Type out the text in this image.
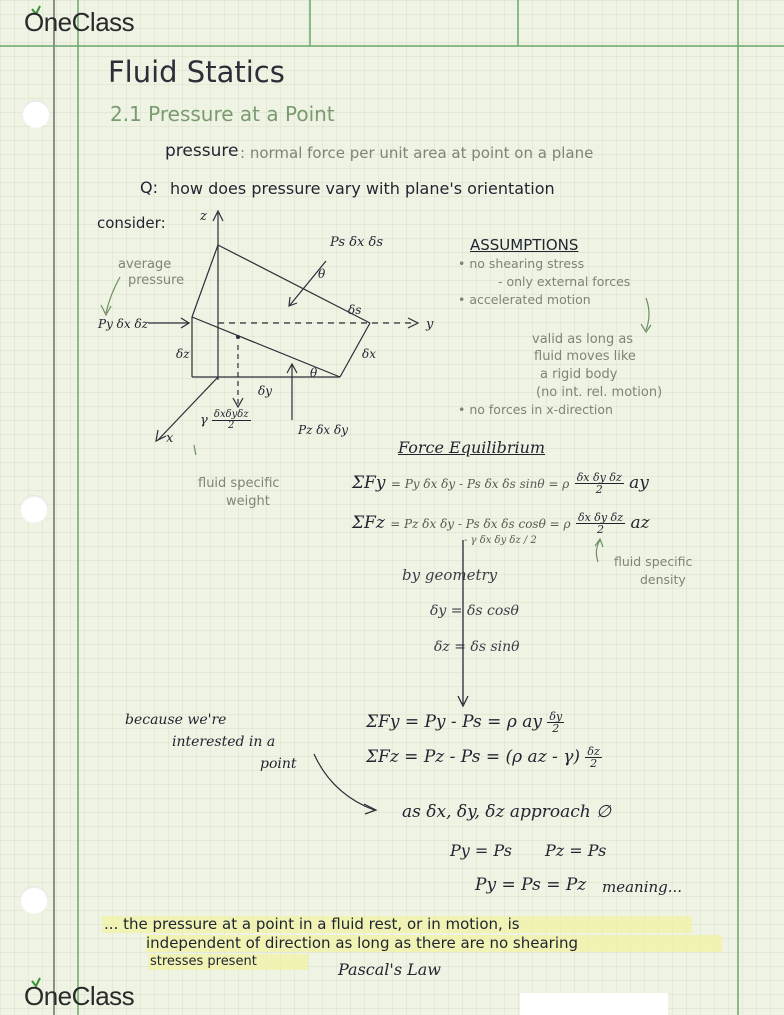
OneClass
OneClass
Fluid Statics
2.1 Pressure at a Point
pressure : normal force per unit area at point on a plane
Q: how does pressure vary with plane's orientation
consider:	z
y
x
average
pressure
Py δx δz
Ps δx δs
θ
θ
δs
δz	δx
δy
γ $\frac{\text{δxδyδz}}{2}$	Pz δx δy
fluid specific
weight
ASSUMPTIONS
• no shearing stress
- only external forces
• accelerated motion
valid as long as
fluid moves like
a rigid body
(no int. rel. motion)
• no forces in x-direction
Force Equilibrium
ΣFy = Py δx δy - Ps δx δs sinθ = ρ $\frac{\text{δx δy δz}}{2}$ ay
ΣFz = Pz δx δy - Ps δx δs cosθ = ρ $\frac{\text{δx δy δz}}{2}$ az
- γ δx δy δz / 2
fluid specific
density
by geometry
δy = δs cosθ
δz = δs sinθ
because we're
interested in a
point
ΣFy = Py - Ps = ρ ay $\frac{\delta y}{2}$
ΣFz = Pz - Ps = (ρ az - $\gamma) \frac{\delta z}{2}$
as δx, δy, δz approach ∅
Py = Ps Pz = Ps
Py = Ps = Pz meaning...
... the pressure at a point in a fluid rest, or in motion, is
independent of direction as long as there are no shearing
stresses present	Pascal's Law
